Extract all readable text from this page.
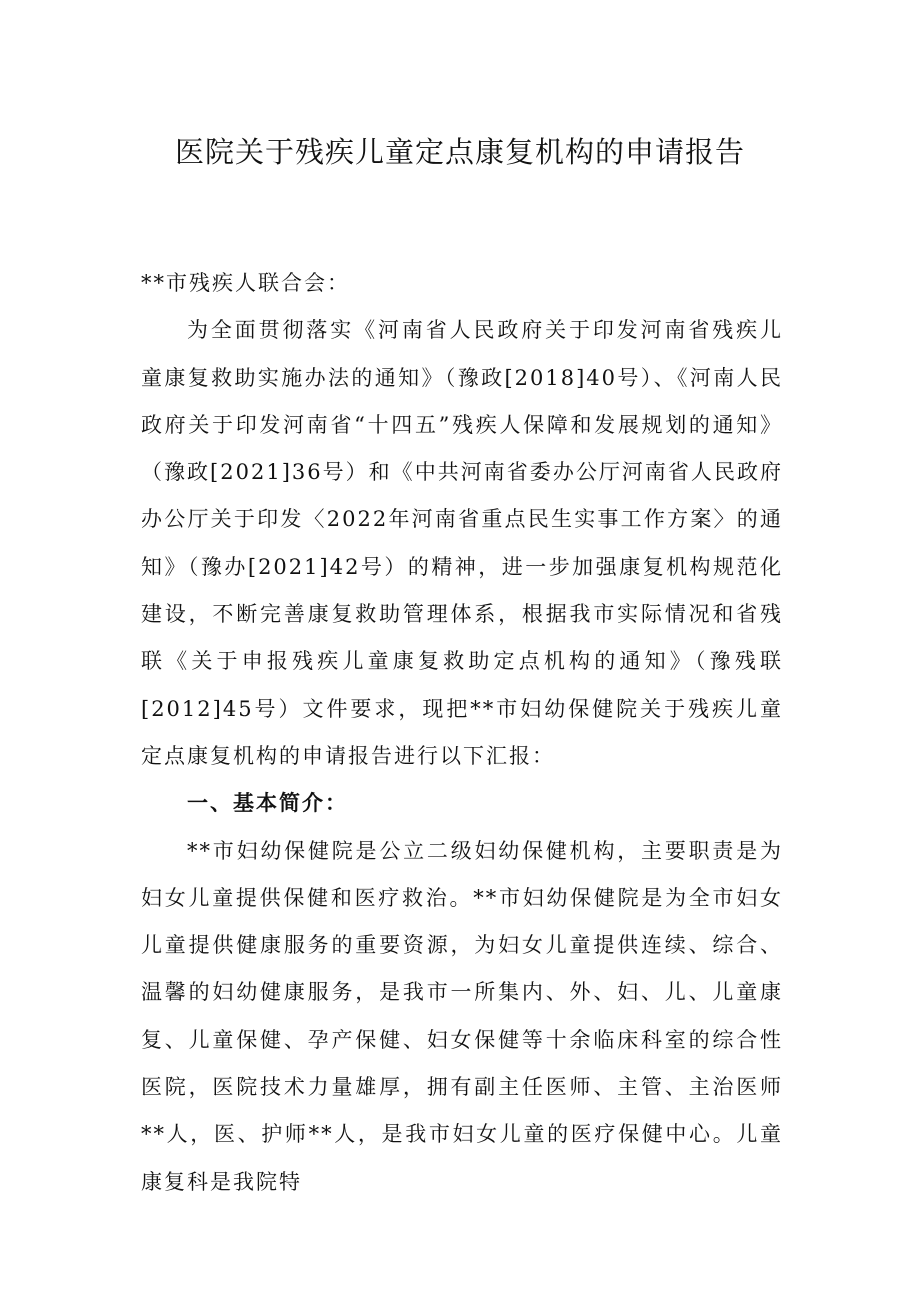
医院关于残疾儿童定点康复机构的申请报告

**市残疾人联合会：

为全面贯彻落实《河南省人民政府关于印发河南省残疾儿童康复救助实施办法的通知》（豫政[2018]40号）、《河南人民政府关于印发河南省“十四五”残疾人保障和发展规划的通知》（豫政[2021]36号）和《中共河南省委办公厅河南省人民政府办公厅关于印发〈2022年河南省重点民生实事工作方案〉的通知》（豫办[2021]42号）的精神，进一步加强康复机构规范化建设，不断完善康复救助管理体系，根据我市实际情况和省残联《关于申报残疾儿童康复救助定点机构的通知》（豫残联[2012]45号）文件要求，现把**市妇幼保健院关于残疾儿童定点康复机构的申请报告进行以下汇报：

一、基本简介：

**市妇幼保健院是公立二级妇幼保健机构，主要职责是为妇女儿童提供保健和医疗救治。**市妇幼保健院是为全市妇女儿童提供健康服务的重要资源，为妇女儿童提供连续、综合、温馨的妇幼健康服务，是我市一所集内、外、妇、儿、儿童康复、儿童保健、孕产保健、妇女保健等十余临床科室的综合性医院，医院技术力量雄厚，拥有副主任医师、主管、主治医师**人，医、护师**人，是我市妇女儿童的医疗保健中心。儿童康复科是我院特
